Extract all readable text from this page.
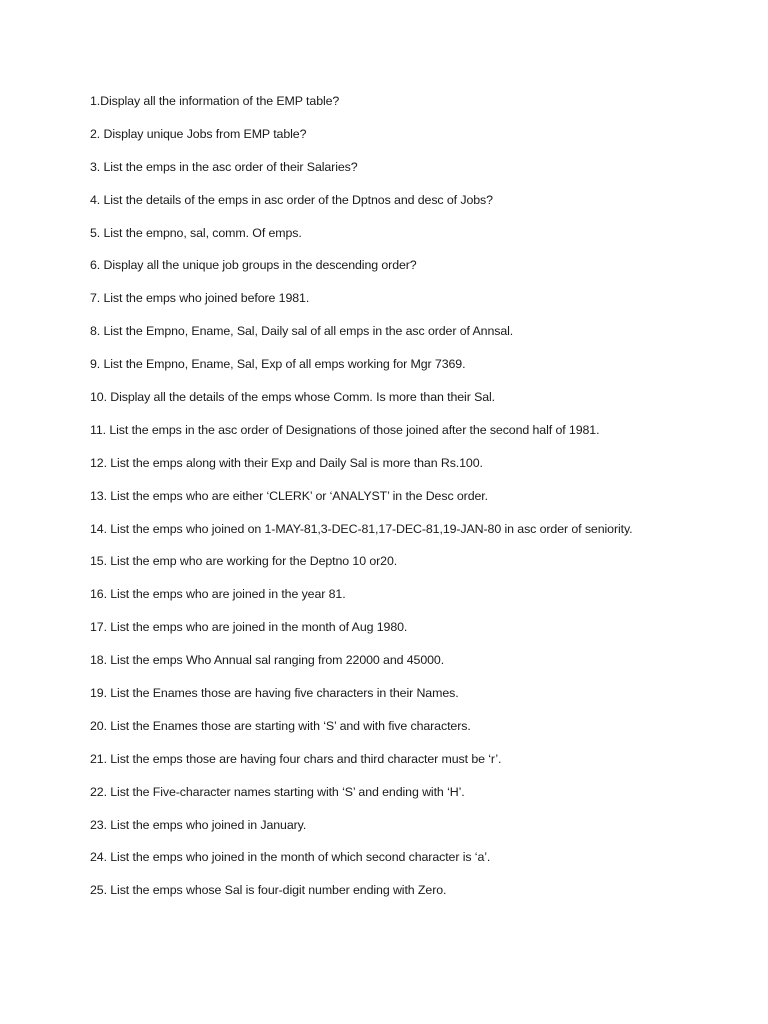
1.Display all the information of the EMP table?
2. Display unique Jobs from EMP table?
3. List the emps in the asc order of their Salaries?
4. List the details of the emps in asc order of the Dptnos and desc of Jobs?
5. List the empno, sal, comm. Of emps.
6. Display all the unique job groups in the descending order?
7. List the emps who joined before 1981.
8. List the Empno, Ename, Sal, Daily sal of all emps in the asc order of Annsal.
9. List the Empno, Ename, Sal, Exp of all emps working for Mgr 7369.
10. Display all the details of the emps whose Comm. Is more than their Sal.
11. List the emps in the asc order of Designations of those joined after the second half of 1981.
12. List the emps along with their Exp and Daily Sal is more than Rs.100.
13. List the emps who are either ‘CLERK’ or ‘ANALYST’ in the Desc order.
14. List the emps who joined on 1-MAY-81,3-DEC-81,17-DEC-81,19-JAN-80 in asc order of seniority.
15. List the emp who are working for the Deptno 10 or20.
16. List the emps who are joined in the year 81.
17. List the emps who are joined in the month of Aug 1980.
18. List the emps Who Annual sal ranging from 22000 and 45000.
19. List the Enames those are having five characters in their Names.
20. List the Enames those are starting with ‘S’ and with five characters.
21. List the emps those are having four chars and third character must be ‘r’.
22. List the Five-character names starting with ‘S’ and ending with ‘H’.
23. List the emps who joined in January.
24. List the emps who joined in the month of which second character is ‘a’.
25. List the emps whose Sal is four-digit number ending with Zero.
